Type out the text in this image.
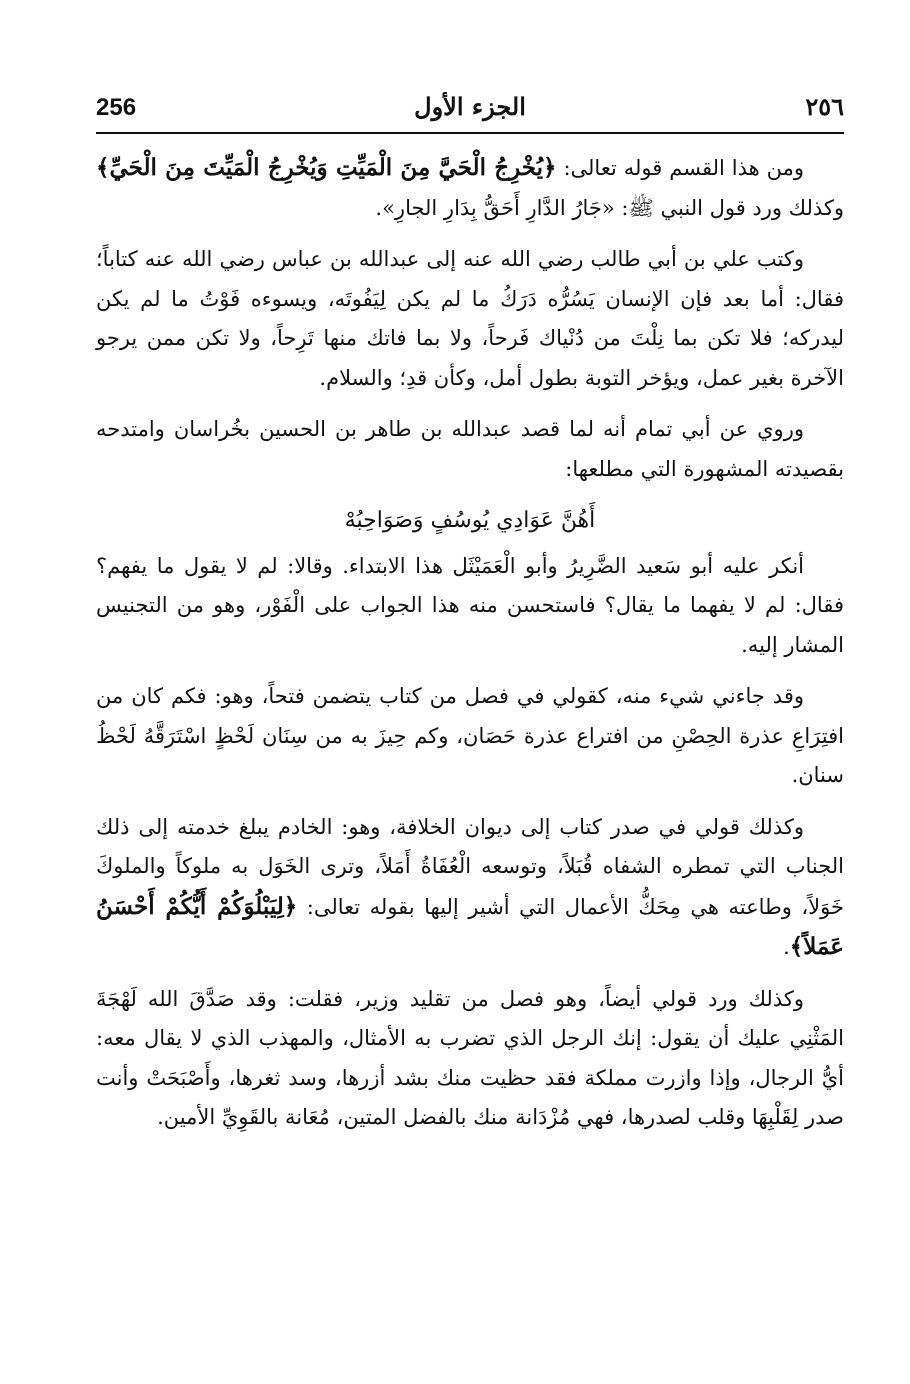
256	الجزء الأول	٢٥٦

ومن هذا القسم قوله تعالى: ﴿يُخْرِجُ الْحَيَّ مِنَ الْمَيِّتِ وَيُخْرِجُ الْمَيِّتَ مِنَ الْحَيِّ﴾ وكذلك ورد قول النبي ﷺ: «جَارُ الدَّارِ أَحَقُّ بِدَارِ الجارِ».

وكتب علي بن أبي طالب رضي الله عنه إلى عبدالله بن عباس رضي الله عنه كتاباً؛ فقال: أما بعد فإن الإنسان يَسُرُّه دَرَكُ ما لم يكن لِيَفُوتَه، ويسوءه فَوْتُ ما لم يكن ليدركه؛ فلا تكن بما نِلْتَ من دُنْياك فَرحاً، ولا بما فاتك منها تَرِحاً، ولا تكن ممن يرجو الآخرة بغير عمل، ويؤخر التوبة بطول أمل، وكأن قدِ؛ والسلام.

وروي عن أبي تمام أنه لما قصد عبدالله بن طاهر بن الحسين بخُراسان وامتدحه بقصيدته المشهورة التي مطلعها:

أَهُنَّ عَوَادِي يُوسُفٍ وَصَوَاحِبُهْ

أنكر عليه أبو سَعيد الضَّرِيرُ وأبو الْعَمَيْثَل هذا الابتداء. وقالا: لم لا يقول ما يفهم؟ فقال: لم لا يفهما ما يقال؟ فاستحسن منه هذا الجواب على الْفَوْر، وهو من التجنيس المشار إليه.

وقد جاءني شيء منه، كقولي في فصل من كتاب يتضمن فتحاً، وهو: فكم كان من افتِرَاعِ عذرة الحِصْنِ من افتراع عذرة حَصَان، وكم حِيزَ به من سِنَان لَحْظٍ اسْتَرَقَّهُ لَحْظُ سنان.

وكذلك قولي في صدر كتاب إلى ديوان الخلافة، وهو: الخادم يبلغ خدمته إلى ذلك الجناب التي تمطره الشفاه قُبَلاً، وتوسعه الْعُفَاةُ أَمَلاً، وترى الخَوَل به ملوكاً والملوكَ خَوَلاً، وطاعته هي مِحَكُّ الأعمال التي أشير إليها بقوله تعالى: ﴿لِيَبْلُوَكُمْ أَيُّكُمْ أَحْسَنُ عَمَلاً﴾.

وكذلك ورد قولي أيضاً، وهو فصل من تقليد وزير، فقلت: وقد صَدَّقَ الله لَهْجَةَ المَثْنِي عليك أن يقول: إنك الرجل الذي تضرب به الأمثال، والمهذب الذي لا يقال معه: أيُّ الرجال، وإذا وازرت مملكة فقد حظيت منك بشد أزرها، وسد ثغرها، وأَصْبَحَتْ وأنت صدر لِقَلْبِهَا وقلب لصدرها، فهي مُزْدَانة منك بالفضل المتين، مُعَانة بالقَوِيِّ الأمين.
